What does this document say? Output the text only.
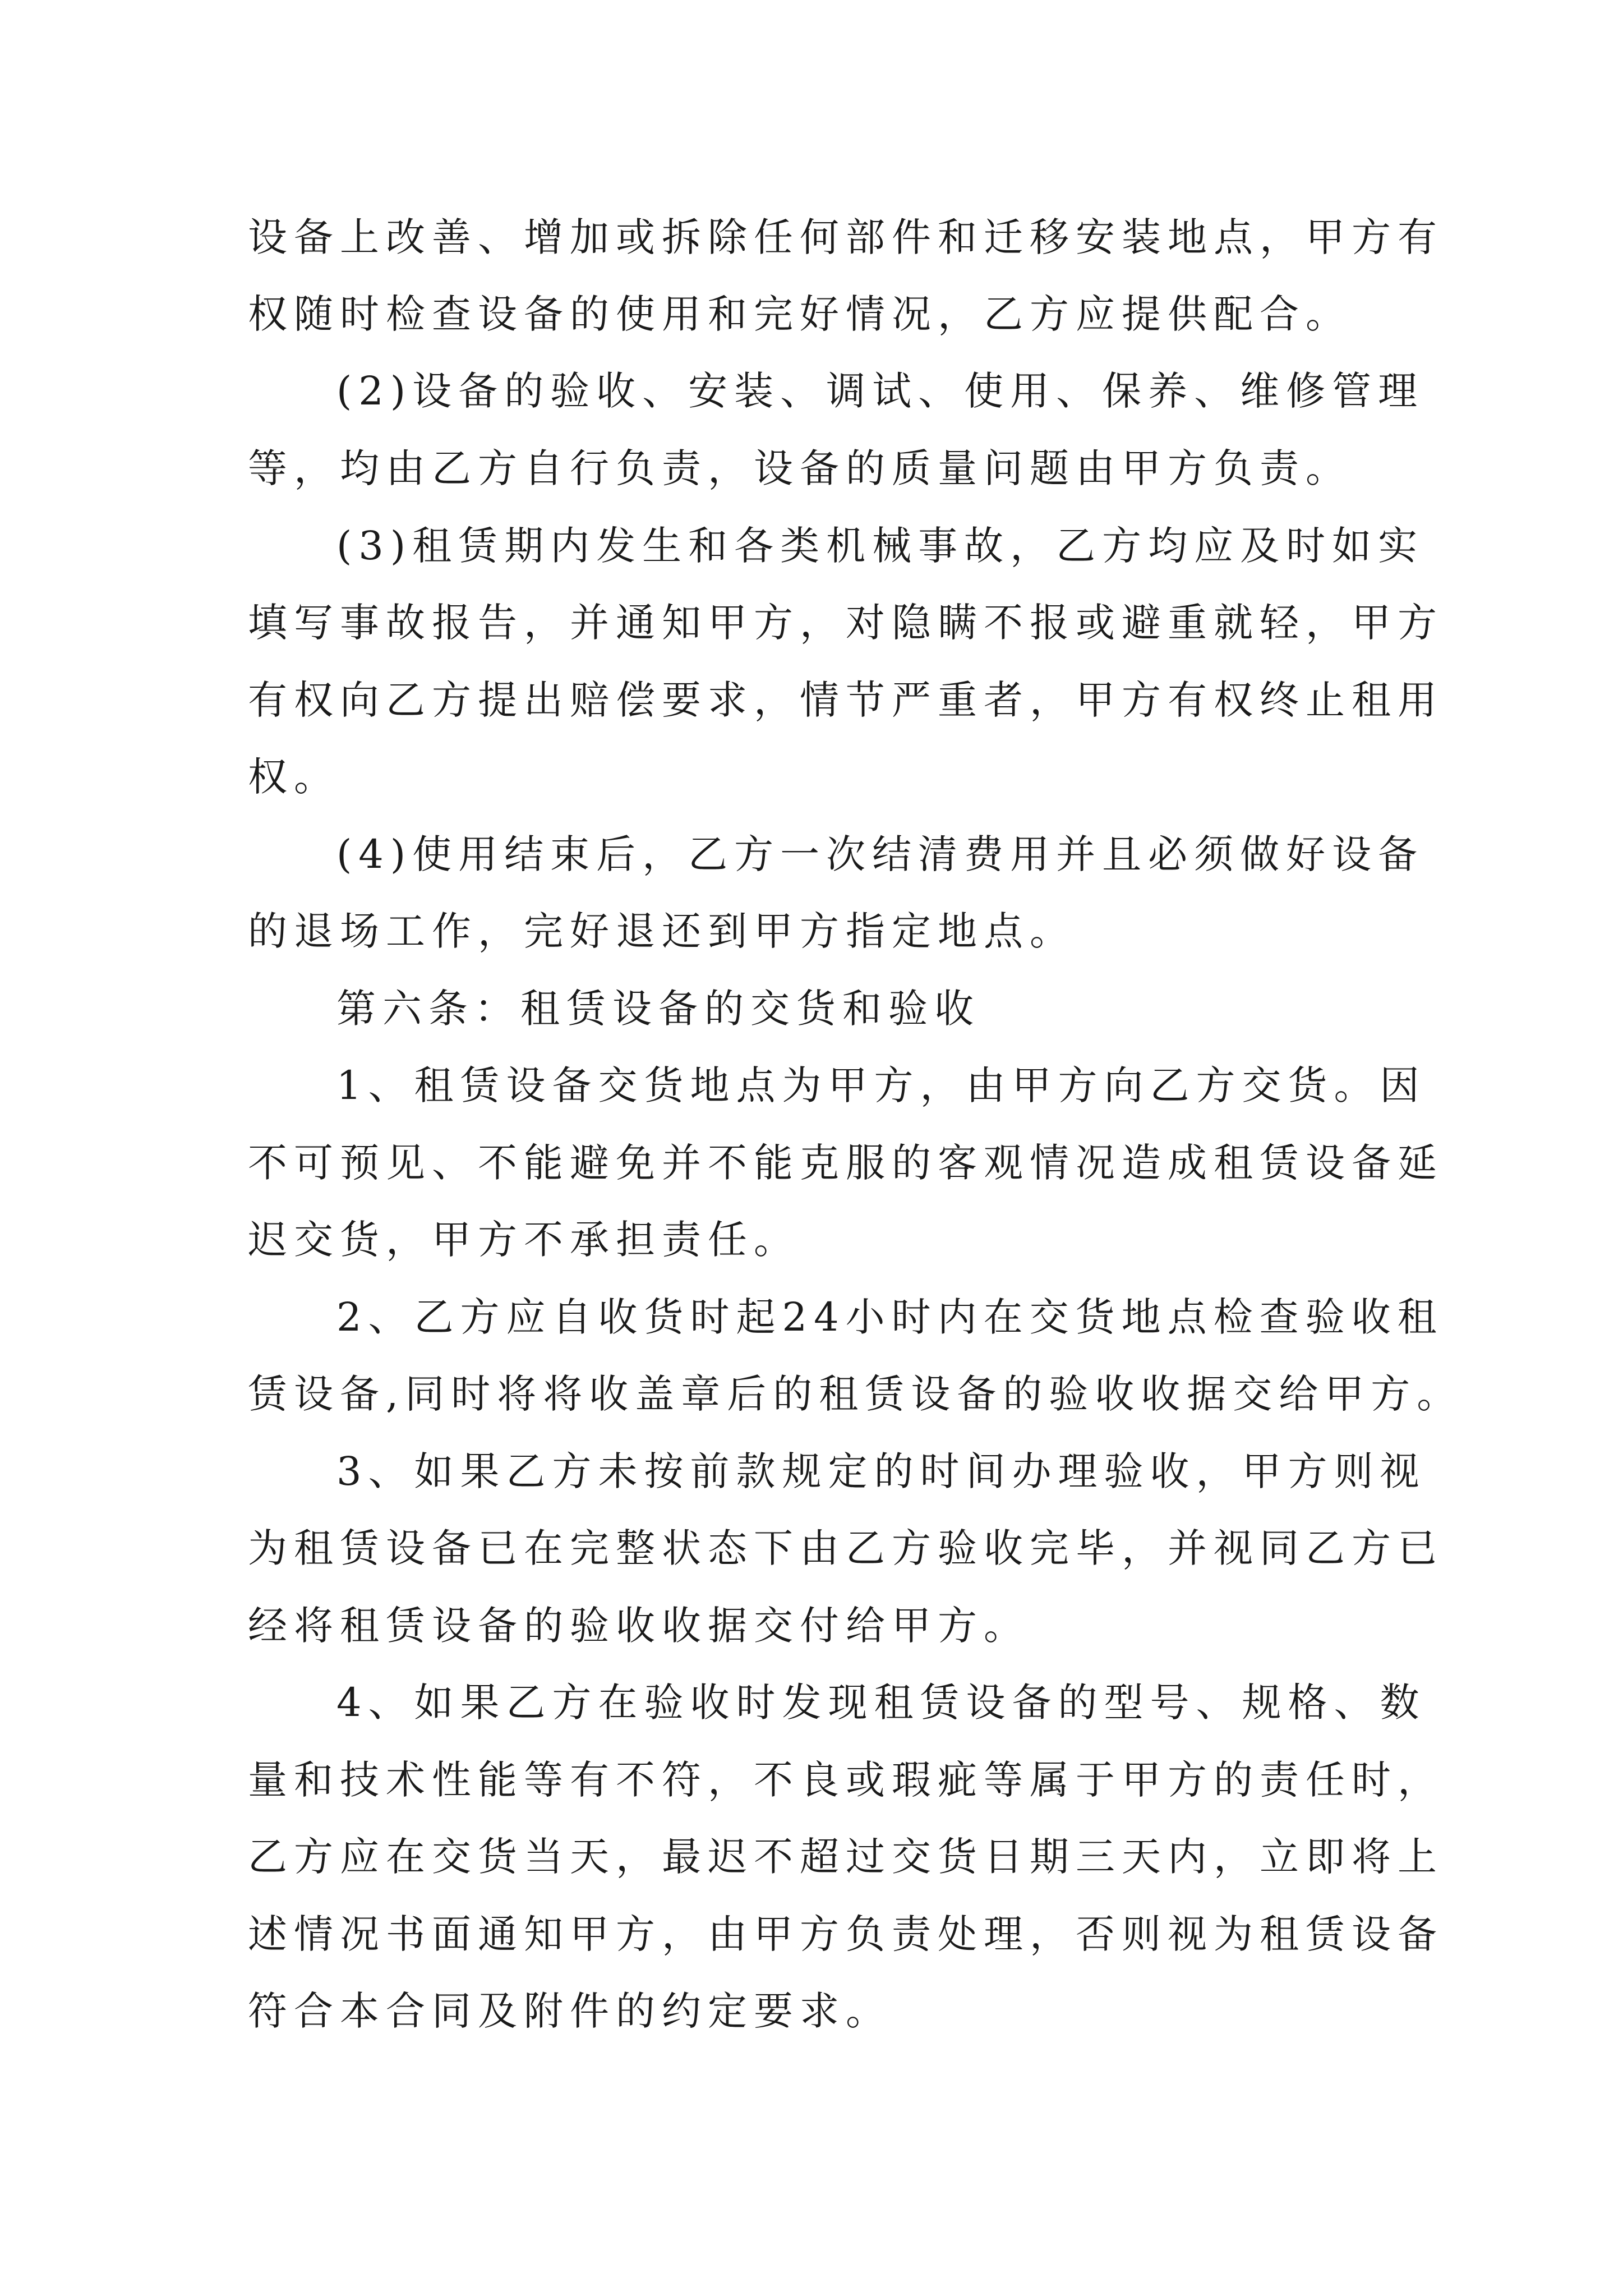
设备上改善、增加或拆除任何部件和迁移安装地点，甲方有
权随时检查设备的使用和完好情况，乙方应提供配合。
(2)设备的验收、安装、调试、使用、保养、维修管理
等，均由乙方自行负责，设备的质量问题由甲方负责。
(3)租赁期内发生和各类机械事故，乙方均应及时如实
填写事故报告，并通知甲方，对隐瞒不报或避重就轻，甲方
有权向乙方提出赔偿要求，情节严重者，甲方有权终止租用
权。
(4)使用结束后，乙方一次结清费用并且必须做好设备
的退场工作，完好退还到甲方指定地点。
第六条：租赁设备的交货和验收
1、租赁设备交货地点为甲方，由甲方向乙方交货。因
不可预见、不能避免并不能克服的客观情况造成租赁设备延
迟交货，甲方不承担责任。
2、乙方应自收货时起24小时内在交货地点检查验收租
赁设备,同时将将收盖章后的租赁设备的验收收据交给甲方。
3、如果乙方未按前款规定的时间办理验收，甲方则视
为租赁设备已在完整状态下由乙方验收完毕，并视同乙方已
经将租赁设备的验收收据交付给甲方。
4、如果乙方在验收时发现租赁设备的型号、规格、数
量和技术性能等有不符，不良或瑕疵等属于甲方的责任时，
乙方应在交货当天，最迟不超过交货日期三天内，立即将上
述情况书面通知甲方，由甲方负责处理，否则视为租赁设备
符合本合同及附件的约定要求。
